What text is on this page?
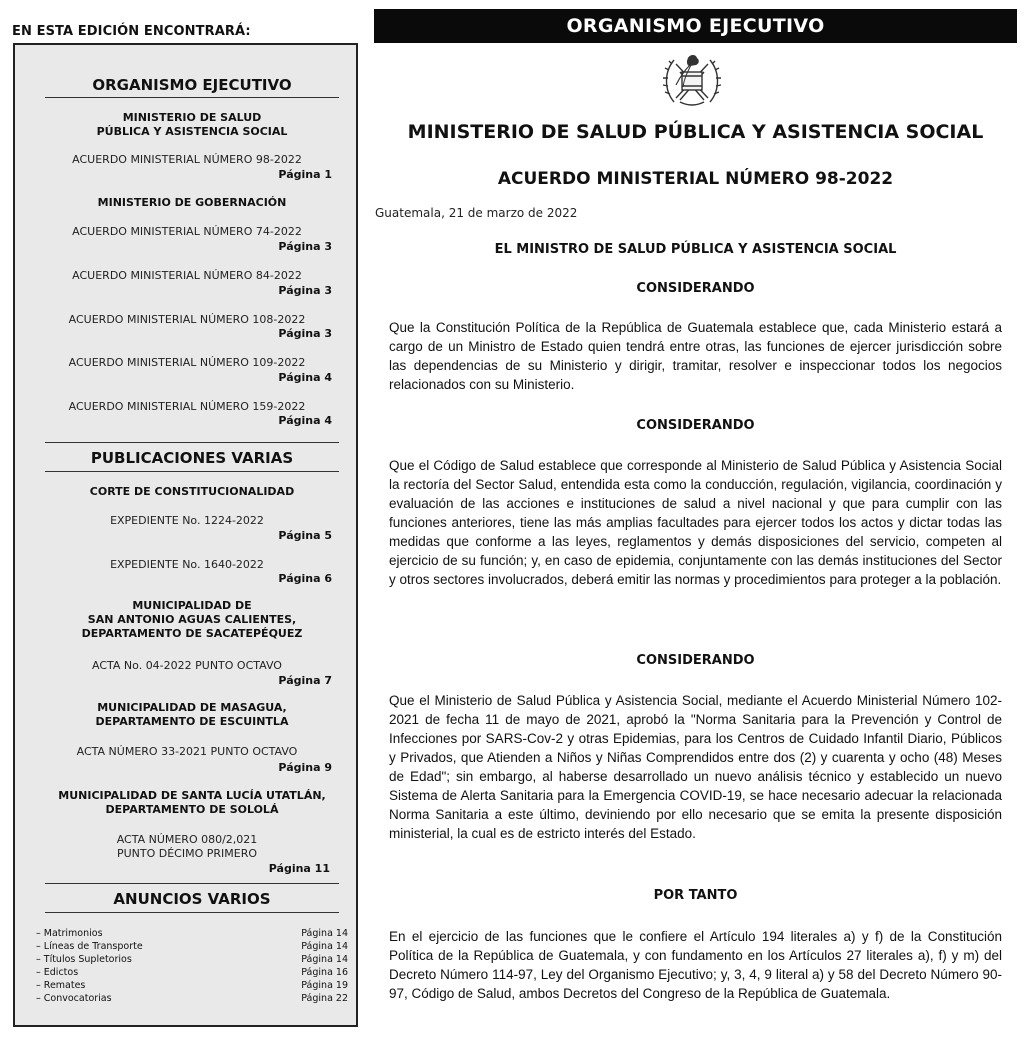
EN ESTA EDICIÓN ENCONTRARÁ:
ORGANISMO EJECUTIVO
MINISTERIO DE SALUD
PÚBLICA Y ASISTENCIA SOCIAL
ACUERDO MINISTERIAL NÚMERO 98-2022
Página 1
MINISTERIO DE GOBERNACIÓN
ACUERDO MINISTERIAL NÚMERO 74-2022
Página 3
ACUERDO MINISTERIAL NÚMERO 84-2022
Página 3
ACUERDO MINISTERIAL NÚMERO 108-2022
Página 3
ACUERDO MINISTERIAL NÚMERO 109-2022
Página 4
ACUERDO MINISTERIAL NÚMERO 159-2022
Página 4
PUBLICACIONES VARIAS
CORTE DE CONSTITUCIONALIDAD
EXPEDIENTE No. 1224-2022
Página 5
EXPEDIENTE No. 1640-2022
Página 6
MUNICIPALIDAD DE
SAN ANTONIO AGUAS CALIENTES,
DEPARTAMENTO DE SACATEPÉQUEZ
ACTA No. 04-2022 PUNTO OCTAVO
Página 7
MUNICIPALIDAD DE MASAGUA,
DEPARTAMENTO DE ESCUINTLA
ACTA NÚMERO 33-2021 PUNTO OCTAVO
Página 9
MUNICIPALIDAD DE SANTA LUCÍA UTATLÁN,
DEPARTAMENTO DE SOLOLÁ
ACTA NÚMERO 080/2,021
PUNTO DÉCIMO PRIMERO
Página 11
ANUNCIOS VARIOS
– Matrimonios	Página 14
– Líneas de Transporte	Página 14
– Títulos Supletorios	Página 14
– Edictos	Página 16
– Remates	Página 19
– Convocatorias	Página 22
ORGANISMO EJECUTIVO
MINISTERIO DE SALUD PÚBLICA Y ASISTENCIA SOCIAL
ACUERDO MINISTERIAL NÚMERO 98-2022
Guatemala, 21 de marzo de 2022
EL MINISTRO DE SALUD PÚBLICA Y ASISTENCIA SOCIAL
CONSIDERANDO

Que la Constitución Política de la República de Guatemala establece que, cada Ministerio estará a cargo de un Ministro de Estado quien tendrá entre otras, las funciones de ejercer jurisdicción sobre las dependencias de su Ministerio y dirigir, tramitar, resolver e inspeccionar todos los negocios relacionados con su Ministerio.

CONSIDERANDO

Que el Código de Salud establece que corresponde al Ministerio de Salud Pública y Asistencia Social la rectoría del Sector Salud, entendida esta como la conducción, regulación, vigilancia, coordinación y evaluación de las acciones e instituciones de salud a nivel nacional y que para cumplir con las funciones anteriores, tiene las más amplias facultades para ejercer todos los actos y dictar todas las medidas que conforme a las leyes, reglamentos y demás disposiciones del servicio, competen al ejercicio de su función; y, en caso de epidemia, conjuntamente con las demás instituciones del Sector y otros sectores involucrados, deberá emitir las normas y procedimientos para proteger a la población.

CONSIDERANDO

Que el Ministerio de Salud Pública y Asistencia Social, mediante el Acuerdo Ministerial Número 102-2021 de fecha 11 de mayo de 2021, aprobó la "Norma Sanitaria para la Prevención y Control de Infecciones por SARS-Cov-2 y otras Epidemias, para los Centros de Cuidado Infantil Diario, Públicos y Privados, que Atienden a Niños y Niñas Comprendidos entre dos (2) y cuarenta y ocho (48) Meses de Edad"; sin embargo, al haberse desarrollado un nuevo análisis técnico y establecido un nuevo Sistema de Alerta Sanitaria para la Emergencia COVID-19, se hace necesario adecuar la relacionada Norma Sanitaria a este último, deviniendo por ello necesario que se emita la presente disposición ministerial, la cual es de estricto interés del Estado.

POR TANTO

En el ejercicio de las funciones que le confiere el Artículo 194 literales a) y f) de la Constitución Política de la República de Guatemala, y con fundamento en los Artículos 27 literales a), f) y m) del Decreto Número 114-97, Ley del Organismo Ejecutivo; y, 3, 4, 9 literal a) y 58 del Decreto Número 90-97, Código de Salud, ambos Decretos del Congreso de la República de Guatemala.
